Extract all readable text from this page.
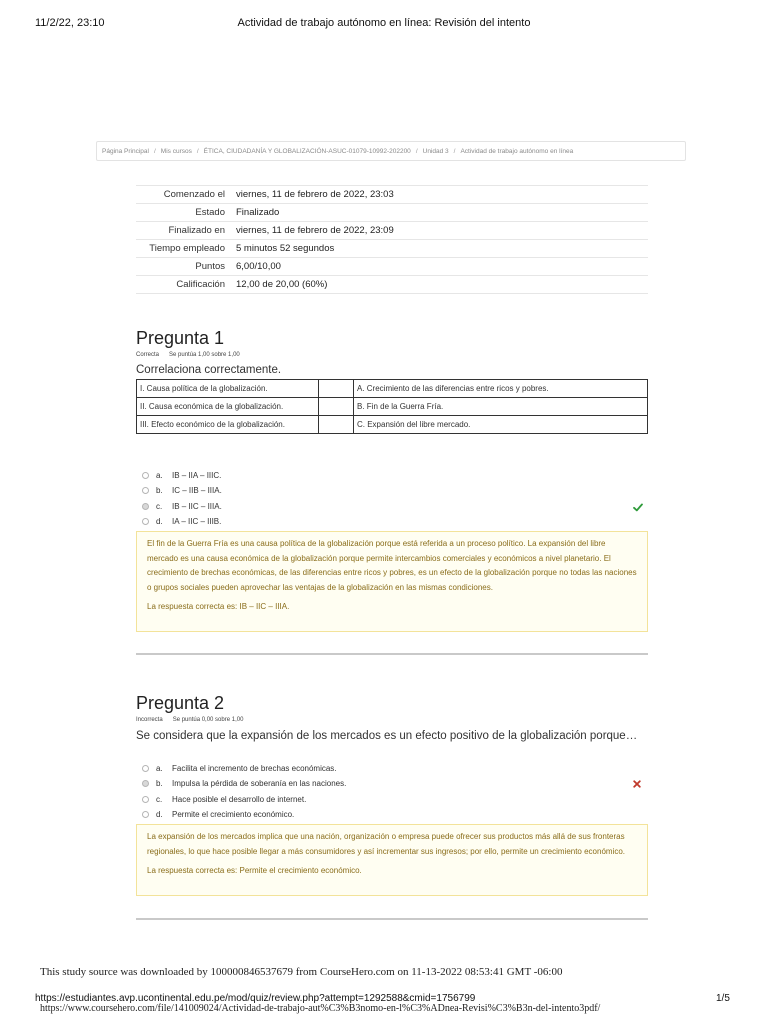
11/2/22, 23:10	Actividad de trabajo autónomo en línea: Revisión del intento
Página Principal / Mis cursos / ÉTICA, CIUDADANÍA Y GLOBALIZACIÓN-ASUC-01079-10992-202200 / Unidad 3 / Actividad de trabajo autónomo en línea
Comenzado el	viernes, 11 de febrero de 2022, 23:03
Estado	Finalizado
Finalizado en	viernes, 11 de febrero de 2022, 23:09
Tiempo empleado	5 minutos 52 segundos
Puntos	6,00/10,00
Calificación	12,00 de 20,00 (60%)
Pregunta 1
Correcta Se puntúa 1,00 sobre 1,00
Correlaciona correctamente.
I. Causa política de la globalización.		A. Crecimiento de las diferencias entre ricos y pobres.
II. Causa económica de la globalización.		B. Fin de la Guerra Fría.
III. Efecto económico de la globalización.		C. Expansión del libre mercado.
a.	IB – IIA – IIIC.
b.	IC – IIB – IIIA.
c.	IB – IIC – IIIA.
d.	IA – IIC – IIIB.

El fin de la Guerra Fría es una causa política de la globalización porque está referida a un proceso político. La expansión del libre mercado es una causa económica de la globalización porque permite intercambios comerciales y económicos a nivel planetario. El crecimiento de brechas económicas, de las diferencias entre ricos y pobres, es un efecto de la globalización porque no todas las naciones o grupos sociales pueden aprovechar las ventajas de la globalización en las mismas condiciones.

La respuesta correcta es: IB – IIC – IIIA.

Pregunta 2
Incorrecta Se puntúa 0,00 sobre 1,00
Se considera que la expansión de los mercados es un efecto positivo de la globalización porque…
a.	Facilita el incremento de brechas económicas.
b.	Impulsa la pérdida de soberanía en las naciones.
c.	Hace posible el desarrollo de internet.
d.	Permite el crecimiento económico.

La expansión de los mercados implica que una nación, organización o empresa puede ofrecer sus productos más allá de sus fronteras regionales, lo que hace posible llegar a más consumidores y así incrementar sus ingresos; por ello, permite un crecimiento económico.

La respuesta correcta es: Permite el crecimiento económico.

This study source was downloaded by 100000846537679 from CourseHero.com on 11-13-2022 08:53:41 GMT -06:00
https://estudiantes.avp.ucontinental.edu.pe/mod/quiz/review.php?attempt=1292588&cmid=1756799	1/5
https://www.coursehero.com/file/141009024/Actividad-de-trabajo-aut%C3%B3nomo-en-l%C3%ADnea-Revisi%C3%B3n-del-intento3pdf/
